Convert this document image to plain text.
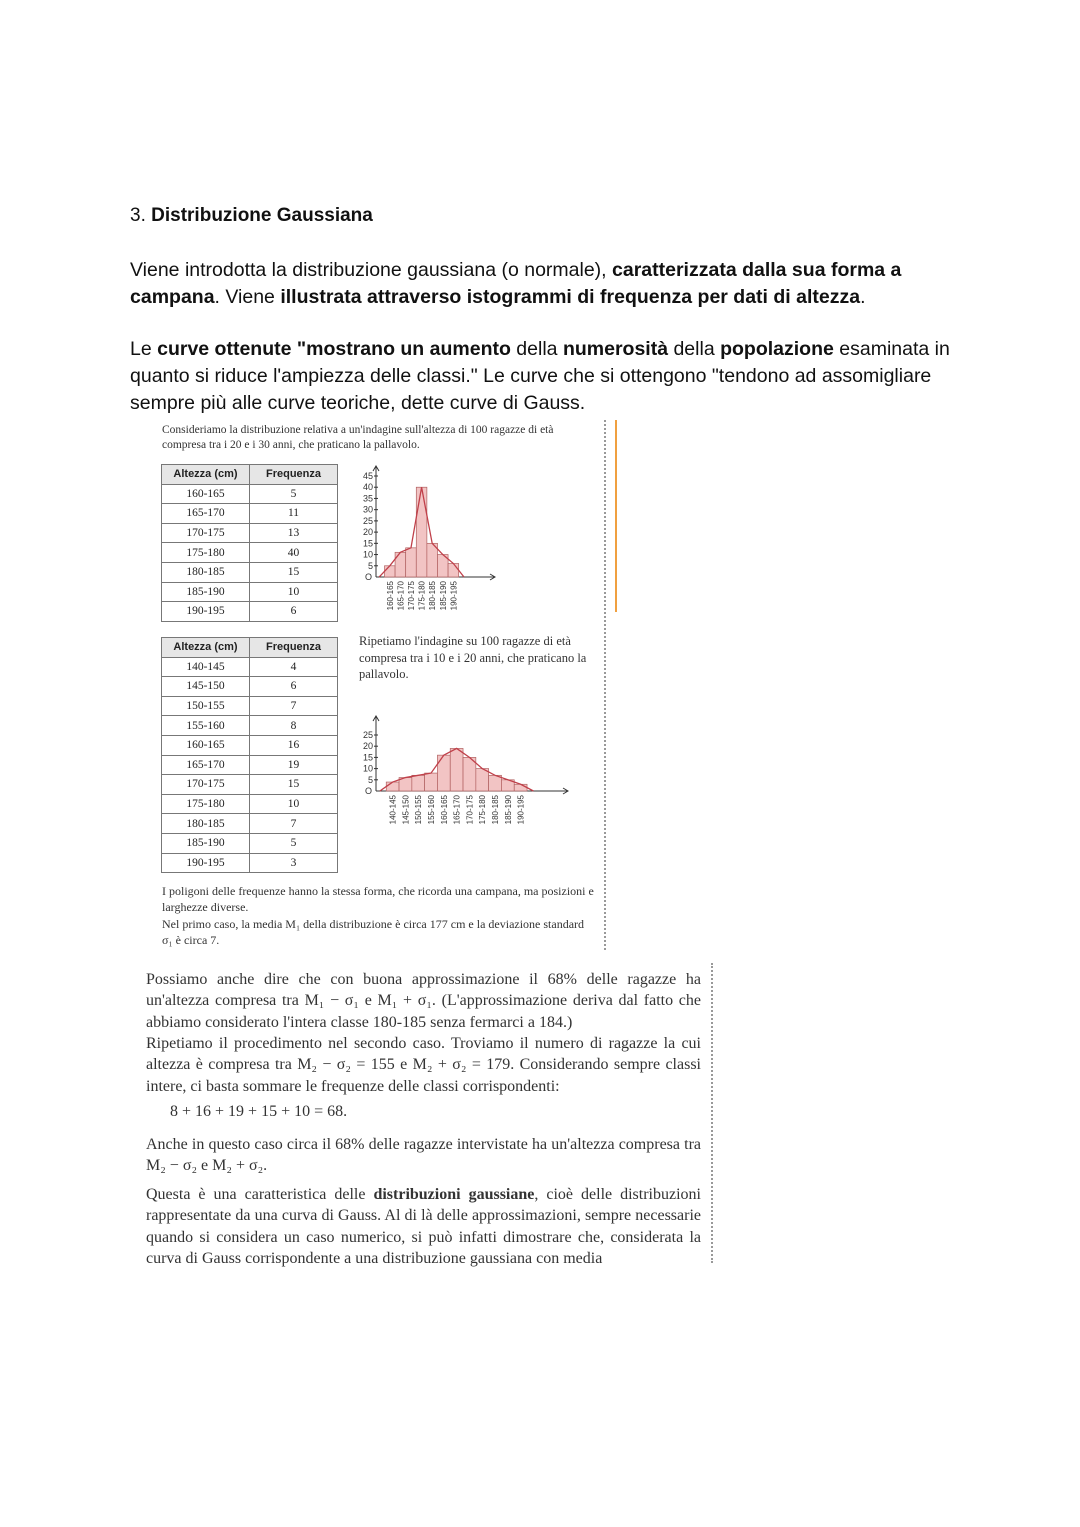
3. Distribuzione Gaussiana
Viene introdotta la distribuzione gaussiana (o normale), caratterizzata dalla sua forma a campana. Viene illustrata attraverso istogrammi di frequenza per dati di altezza.
Le curve ottenute "mostrano un aumento della numerosità della popolazione esaminata in quanto si riduce l'ampiezza delle classi." Le curve che si ottengono "tendono ad assomigliare sempre più alle curve teoriche, dette curve di Gauss.
Consideriamo la distribuzione relativa a un'indagine sull'altezza di 100 ragazze di età compresa tra i 20 e i 30 anni, che praticano la pallavolo.
Altezza (cm)	Frequenza
160-165	5
165-170	11
170-175	13
175-180	40
180-185	15
185-190	10
190-195	6
O
5
10
15
20
25
30
35
40
45
160-165 165-170 170-175 175-180 180-185 185-190 190-195
Altezza (cm)	Frequenza
140-145	4
145-150	6
150-155	7
155-160	8
160-165	16
165-170	19
170-175	15
175-180	10
180-185	7
185-190	5
190-195	3
Ripetiamo l'indagine su 100 ragazze di età compresa tra i 10 e i 20 anni, che praticano la pallavolo.
O
5
10
15
20
25
140-145 145-150 150-155 155-160 160-165 165-170 170-175 175-180 180-185 185-190 190-195
I poligoni delle frequenze hanno la stessa forma, che ricorda una campana, ma posizioni e larghezze diverse.
Nel primo caso, la media M₁ della distribuzione è circa 177 cm e la deviazione standard σ₁ è circa 7.
Possiamo anche dire che con buona approssimazione il 68% delle ragazze ha un'altezza compresa tra M₁ − σ₁ e M₁ + σ₁. (L'approssimazione deriva dal fatto che abbiamo considerato l'intera classe 180-185 senza fermarci a 184.)
Ripetiamo il procedimento nel secondo caso. Troviamo il numero di ragazze la cui altezza è compresa tra M₂ − σ₂ = 155 e M₂ + σ₂ = 179. Considerando sempre classi intere, ci basta sommare le frequenze delle classi corrispondenti:
8 + 16 + 19 + 15 + 10 = 68.
Anche in questo caso circa il 68% delle ragazze intervistate ha un'altezza compresa tra M₂ − σ₂ e M₂ + σ₂.
Questa è una caratteristica delle distribuzioni gaussiane, cioè delle distribuzioni rappresentate da una curva di Gauss. Al di là delle approssimazioni, sempre necessarie quando si considera un caso numerico, si può infatti dimostrare che, considerata la curva di Gauss corrispondente a una distribuzione gaussiana con media
